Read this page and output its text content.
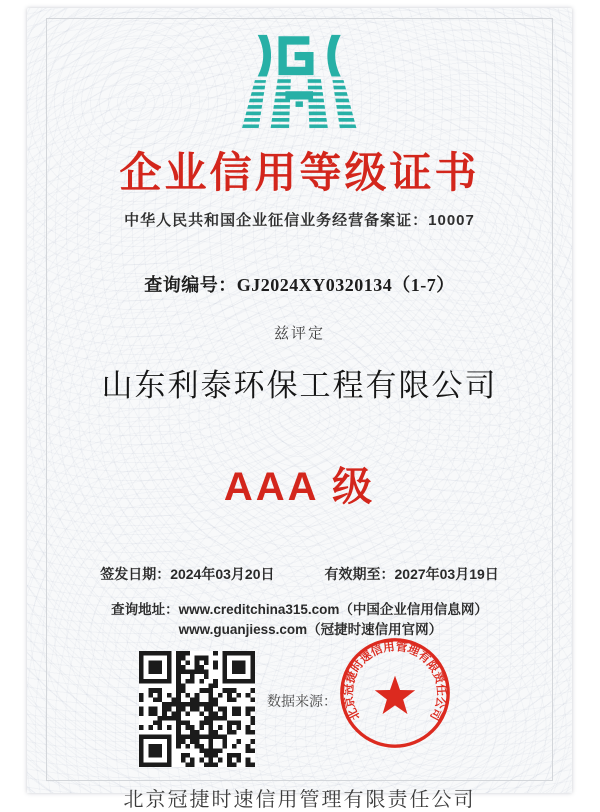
企业信用等级证书
中华人民共和国企业征信业务经营备案证：10007
查询编号：GJ2024XY0320134（1-7）
兹评定
山东利泰环保工程有限公司
AAA 级
签发日期：2024年03月20日	有效期至：2027年03月19日
查询地址： www.creditchina315.com（中国企业信用信息网）
www.guanjiess.com（冠捷时速信用官网）
数据来源：
北京冠捷时速信用管理有限责任公司
北京冠捷时速信用管理有限责任公司
